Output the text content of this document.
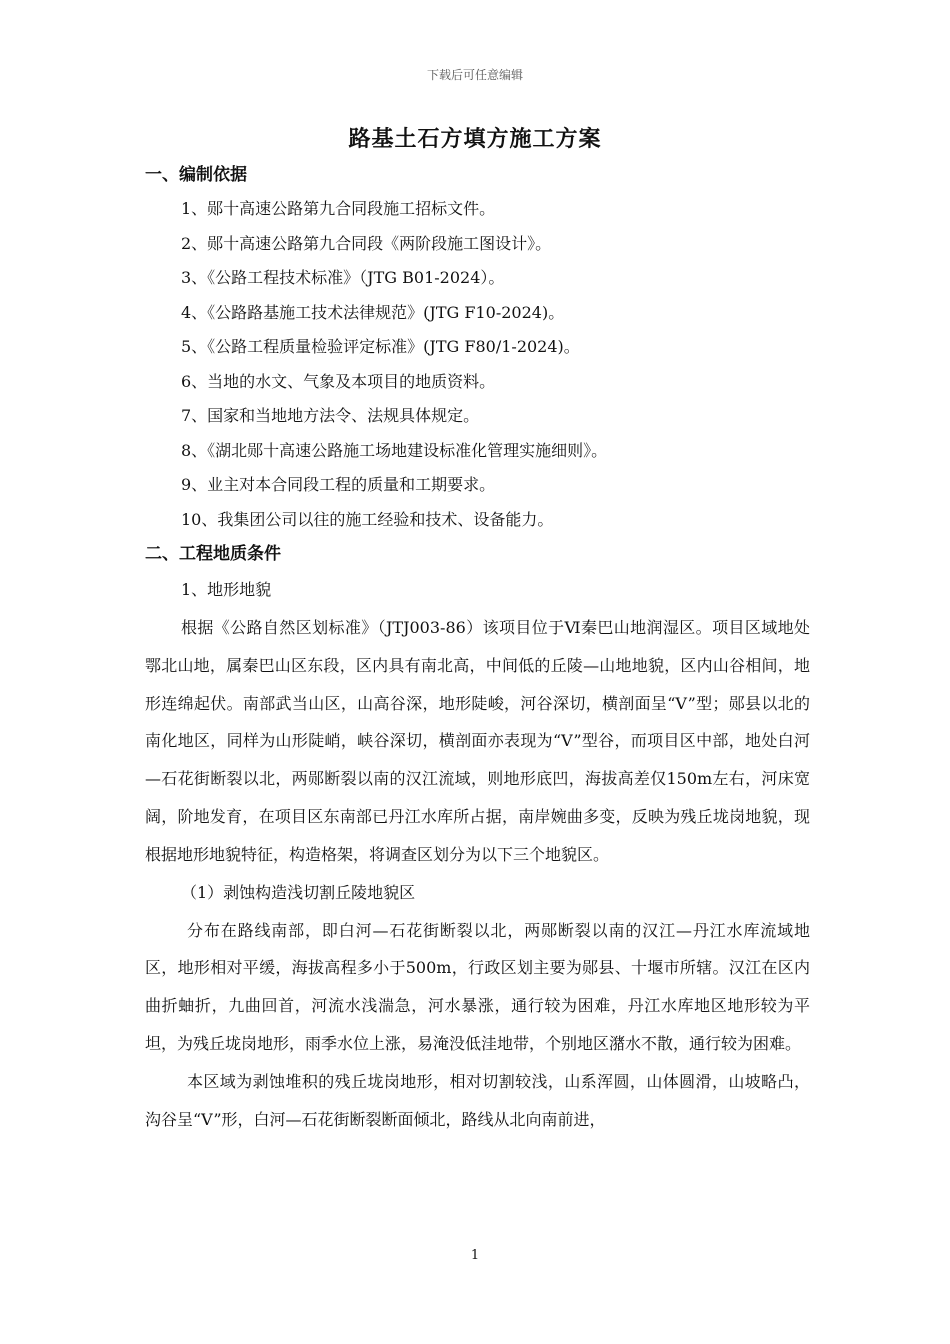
下载后可任意编辑
路基土石方填方施工方案
一、编制依据
1、郧十高速公路第九合同段施工招标文件。
2、郧十高速公路第九合同段《两阶段施工图设计》。
3、《公路工程技术标准》（JTG B01-2024）。
4、《公路路基施工技术法律规范》(JTG F10-2024)。
5、《公路工程质量检验评定标准》(JTG F80/1-2024)。
6、当地的水文、气象及本项目的地质资料。
7、国家和当地地方法令、法规具体规定。
8、《湖北郧十高速公路施工场地建设标准化管理实施细则》。
9、业主对本合同段工程的质量和工期要求。
10、我集团公司以往的施工经验和技术、设备能力。
二、工程地质条件
1、地形地貌

根据《公路自然区划标准》（JTJ003-86）该项目位于Ⅵ秦巴山地润湿区。项目区域地处鄂北山地，属秦巴山区东段，区内具有南北高，中间低的丘陵—山地地貌，区内山谷相间，地形连绵起伏。南部武当山区，山高谷深，地形陡峻，河谷深切，横剖面呈“V”型；郧县以北的南化地区，同样为山形陡峭，峡谷深切，横剖面亦表现为“V”型谷，而项目区中部，地处白河—石花街断裂以北，两郧断裂以南的汉江流域，则地形底凹，海拔高差仅150m左右，河床宽阔，阶地发育，在项目区东南部已丹江水库所占据，南岸婉曲多变，反映为残丘垅岗地貌，现根据地形地貌特征，构造格架，将调查区划分为以下三个地貌区。

（1）剥蚀构造浅切割丘陵地貌区

分布在路线南部，即白河—石花街断裂以北，两郧断裂以南的汉江—丹江水库流域地区，地形相对平缓，海拔高程多小于500m，行政区划主要为郧县、十堰市所辖。汉江在区内曲折蚰折，九曲回首，河流水浅湍急，河水暴涨，通行较为困难，丹江水库地区地形较为平坦，为残丘垅岗地形，雨季水位上涨，易淹没低洼地带，个别地区潴水不散，通行较为困难。

本区域为剥蚀堆积的残丘垅岗地形，相对切割较浅，山系浑圆，山体圆滑，山坡略凸，沟谷呈“V”形，白河—石花街断裂断面倾北，路线从北向南前进，

1
